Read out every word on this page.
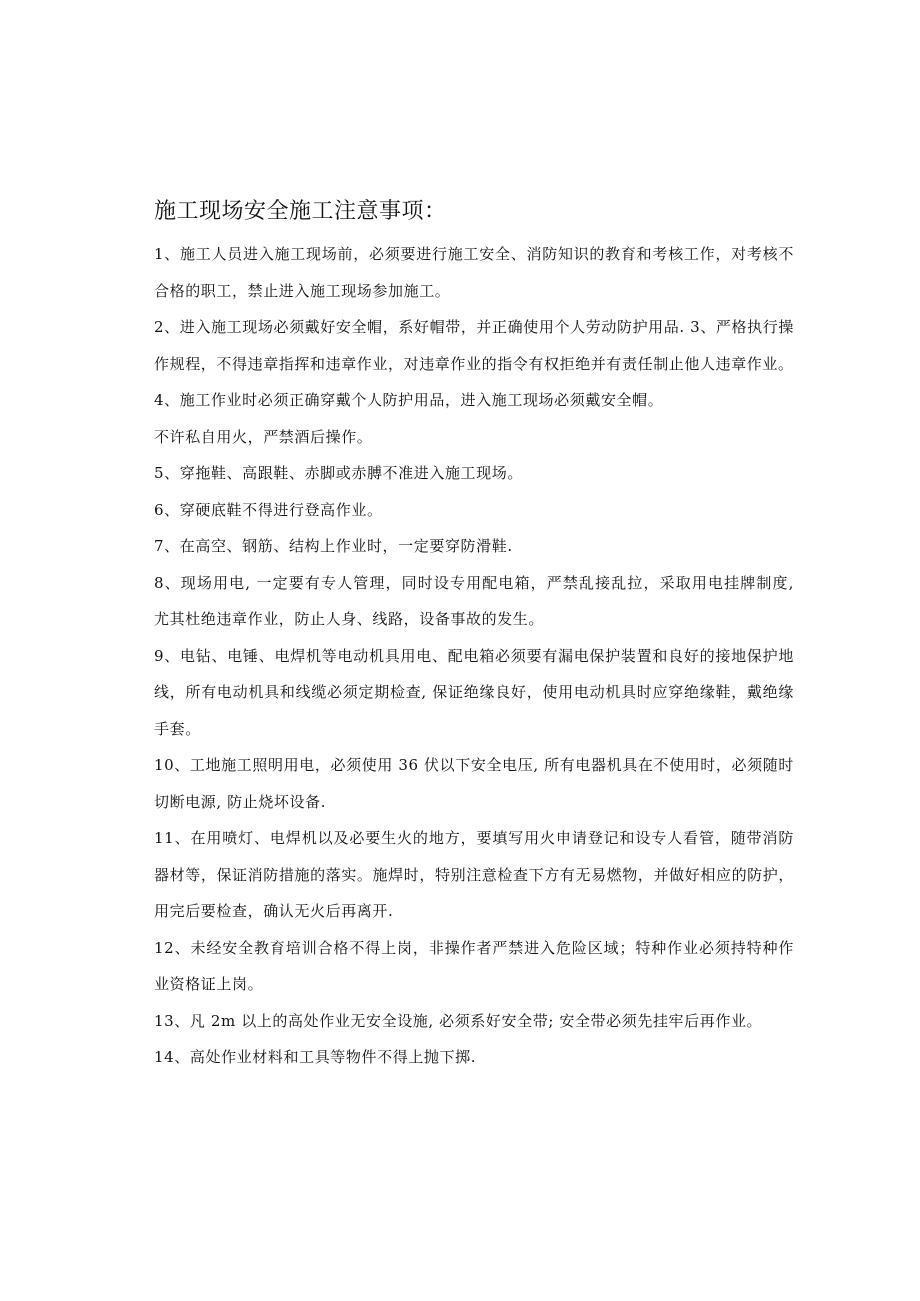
施工现场安全施工注意事项：

1、施工人员进入施工现场前，必须要进行施工安全、消防知识的教育和考核工作，对考核不合格的职工，禁止进入施工现场参加施工。

2、进入施工现场必须戴好安全帽，系好帽带，并正确使用个人劳动防护用品. 3、严格执行操作规程，不得违章指挥和违章作业，对违章作业的指令有权拒绝并有责任制止他人违章作业。

4、施工作业时必须正确穿戴个人防护用品，进入施工现场必须戴安全帽。

不许私自用火，严禁酒后操作。

5、穿拖鞋、高跟鞋、赤脚或赤膊不准进入施工现场。

6、穿硬底鞋不得进行登高作业。

7、在高空、钢筋、结构上作业时，一定要穿防滑鞋.

8、现场用电, 一定要有专人管理，同时设专用配电箱，严禁乱接乱拉，采取用电挂牌制度, 尤其杜绝违章作业，防止人身、线路，设备事故的发生。

9、电钻、电锤、电焊机等电动机具用电、配电箱必须要有漏电保护装置和良好的接地保护地线，所有电动机具和线缆必须定期检查, 保证绝缘良好，使用电动机具时应穿绝缘鞋，戴绝缘手套。

10、工地施工照明用电，必须使用 36 伏以下安全电压, 所有电器机具在不使用时，必须随时切断电源, 防止烧坏设备.

11、在用喷灯、电焊机以及必要生火的地方，要填写用火申请登记和设专人看管，随带消防器材等，保证消防措施的落实。施焊时，特别注意检查下方有无易燃物，并做好相应的防护，用完后要检查，确认无火后再离开.

12、未经安全教育培训合格不得上岗，非操作者严禁进入危险区域；特种作业必须持特种作业资格证上岗。

13、凡 2m 以上的高处作业无安全设施, 必须系好安全带; 安全带必须先挂牢后再作业。

14、高处作业材料和工具等物件不得上抛下掷.
